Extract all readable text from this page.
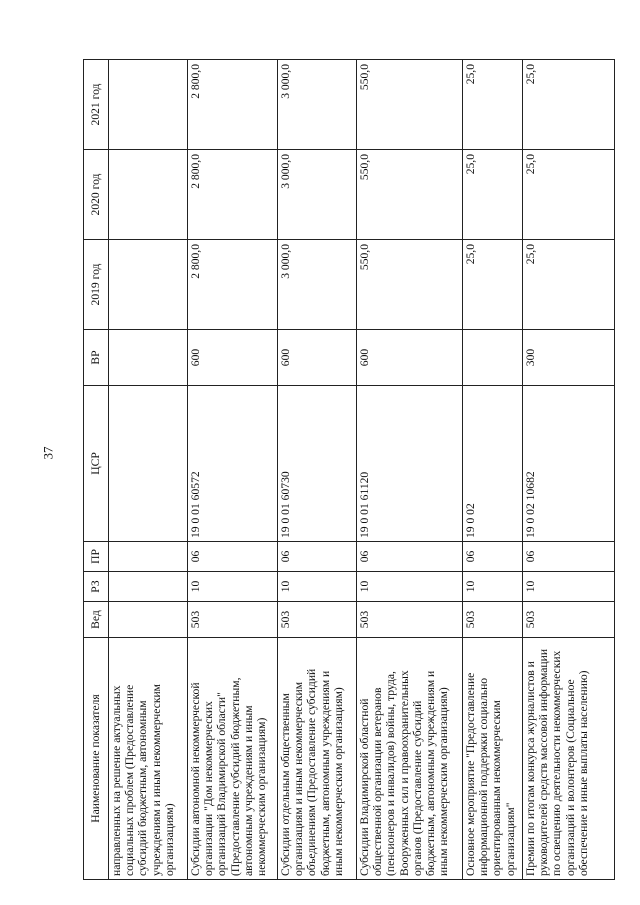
37
Наименование показателя	Вед	РЗ	ПР	ЦСР	ВР	2019 год	2020 год	2021 год
направленных на решение актуальных социальных проблем (Предоставление субсидий бюджетным, автономным учреждениям и иным некоммерческим организациям)								
Субсидии автономной некоммерческой организации "Дом некоммерческих организаций Владимирской области" (Предоставление субсидий бюджетным, автономным учреждениям и иным некоммерческим организациям)	503	10	06	19 0 01 60572	600	2 800,0	2 800,0	2 800,0
Субсидии отдельным общественным организациям и иным некоммерческим объединениям (Предоставление субсидий бюджетным, автономным учреждениям и иным некоммерческим организациям)	503	10	06	19 0 01 60730	600	3 000,0	3 000,0	3 000,0
Субсидии Владимирской областной общественной организации ветеранов (пенсионеров и инвалидов) войны, труда, Вооруженных сил и правоохранительных органов (Предоставление субсидий бюджетным, автономным учреждениям и иным некоммерческим организациям)	503	10	06	19 0 01 61120	600	550,0	550,0	550,0
Основное мероприятие "Предоставление информационной поддержки социально ориентированным некоммерческим организациям"	503	10	06	19 0 02		25,0	25,0	25,0
Премии по итогам конкурса журналистов и руководителей средств массовой информации по освещению деятельности некоммерческих организаций и волонтеров (Социальное обеспечение и иные выплаты населению)	503	10	06	19 0 02 10682	300	25,0	25,0	25,0
